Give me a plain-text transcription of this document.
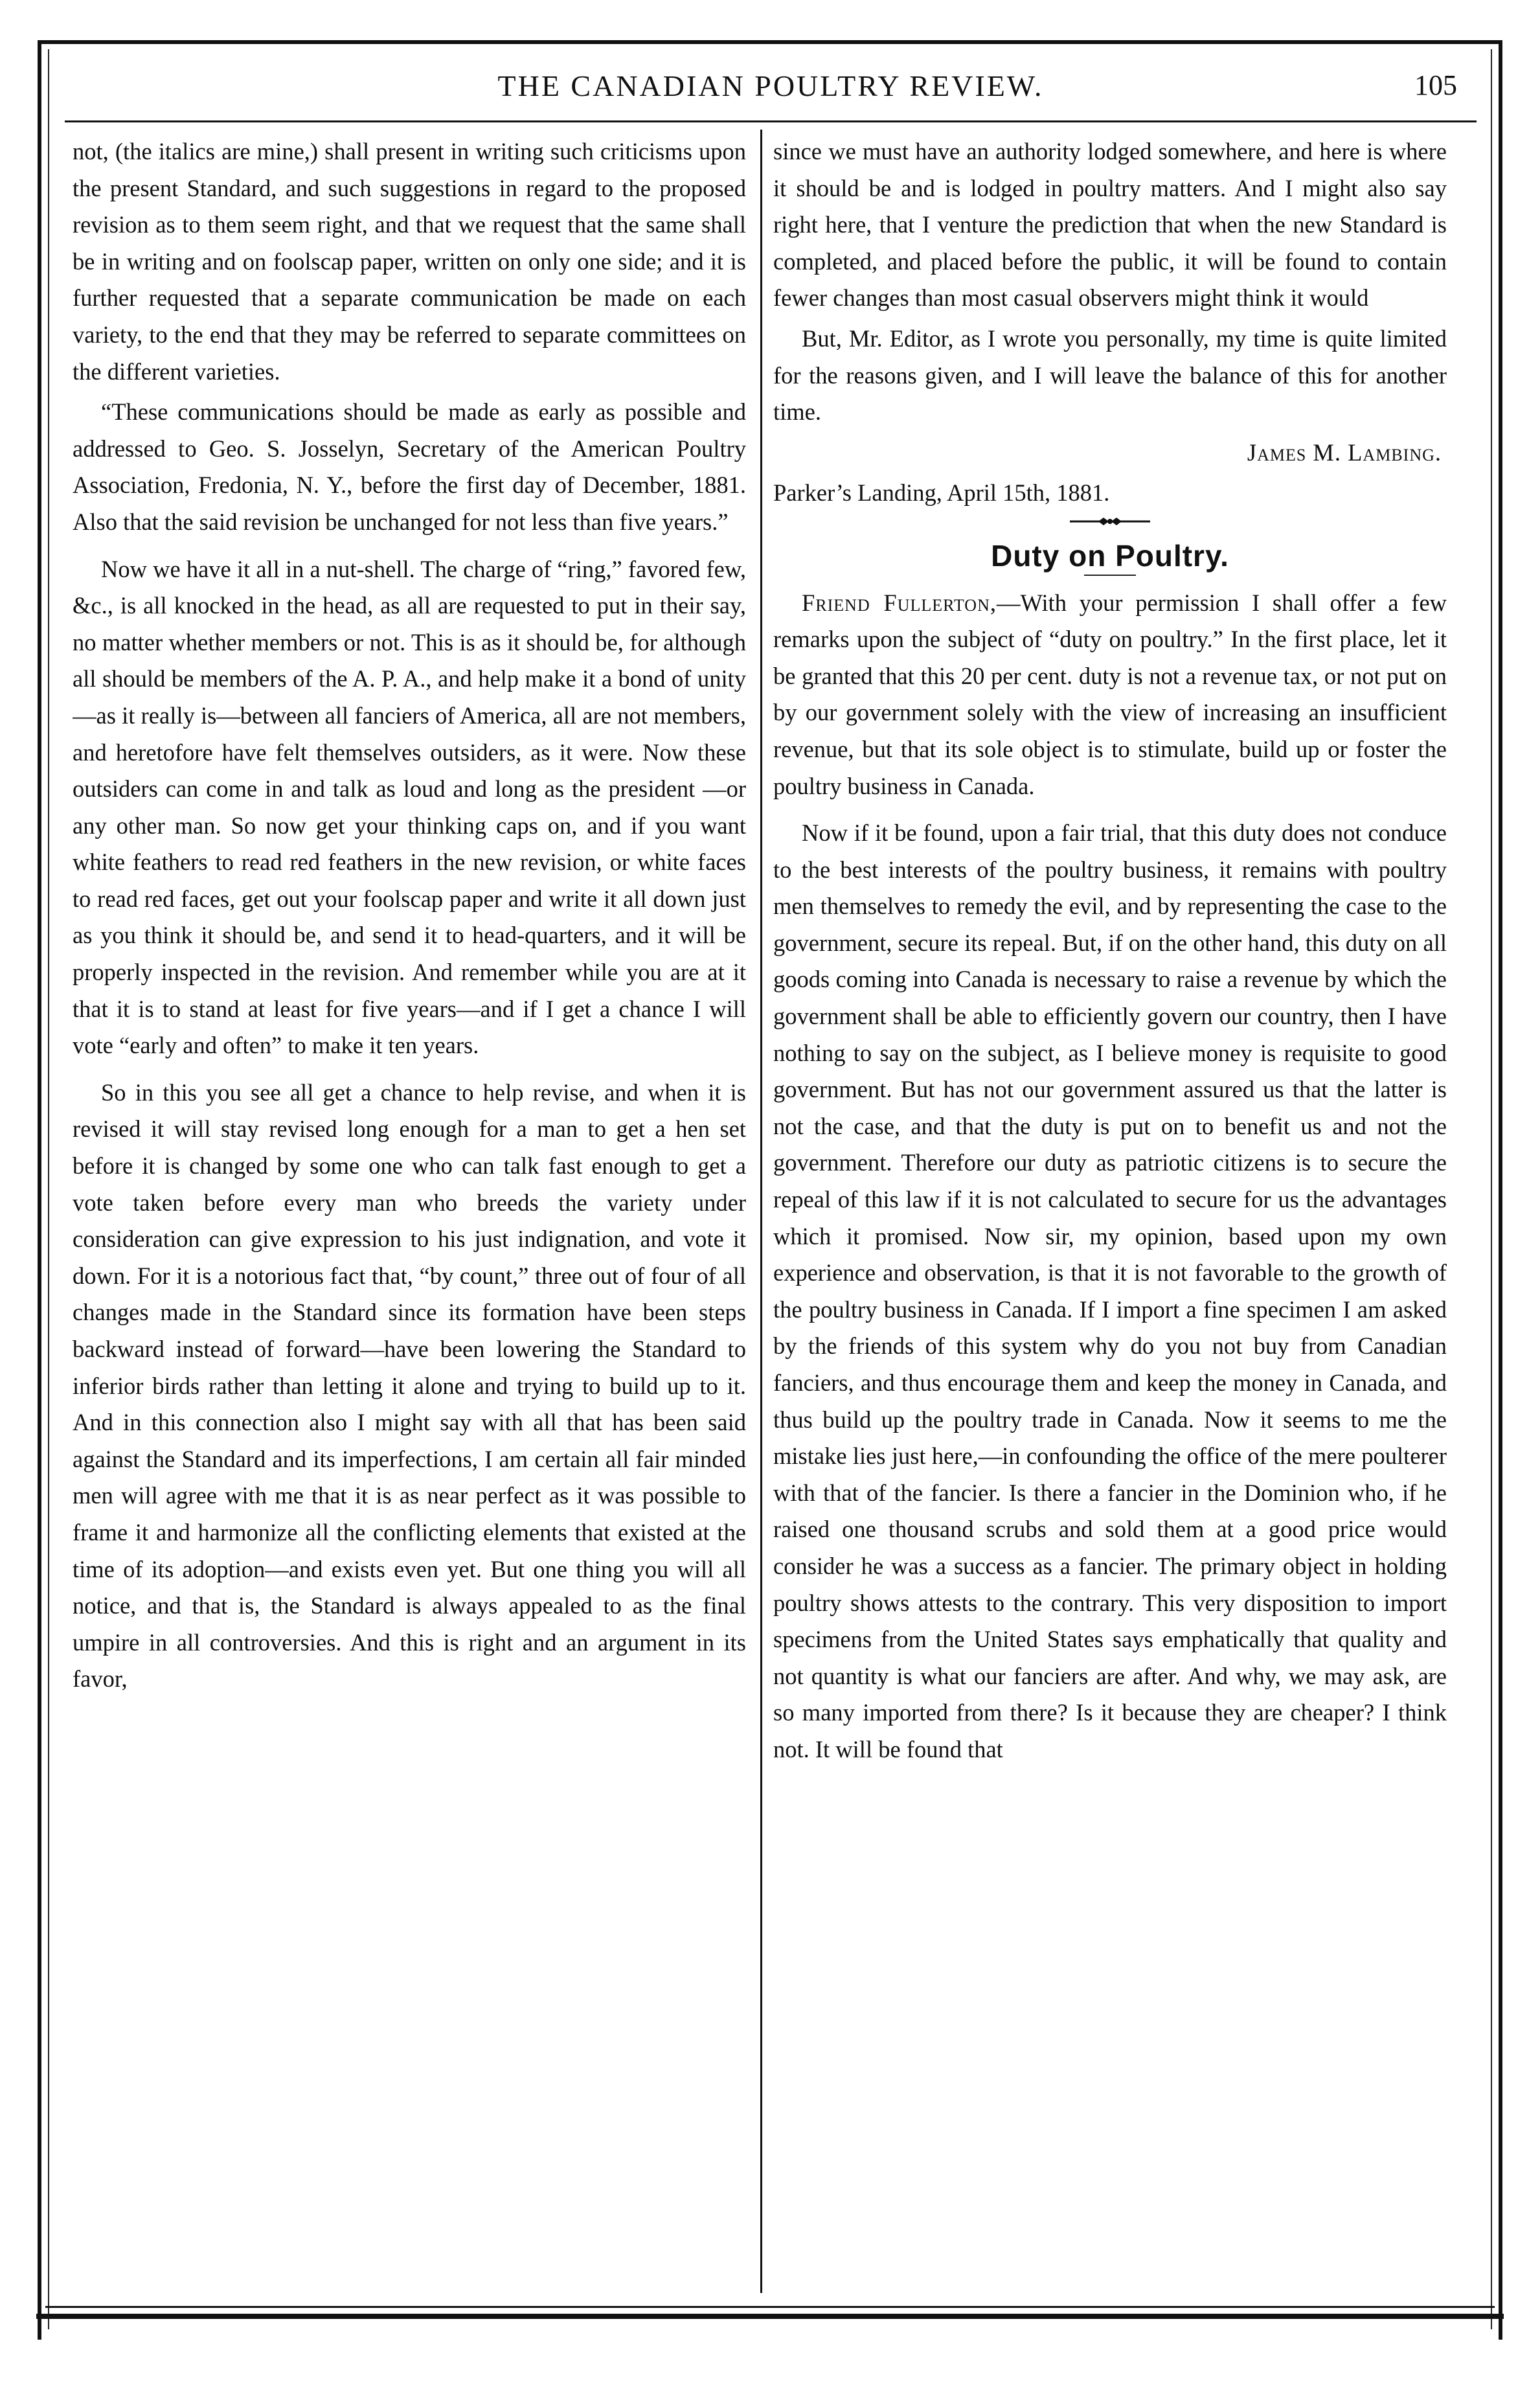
THE CANADIAN POULTRY REVIEW.	105

not, (the italics are mine,) shall present in writing such criticisms upon the present Standard, and such suggestions in regard to the proposed revision as to them seem right, and that we request that the same shall be in writing and on foolscap paper, written on only one side; and it is further requested that a separate communication be made on each variety, to the end that they may be referred to separate committees on the different varieties.

“These communications should be made as early as possible and addressed to Geo. S. Josselyn, Secretary of the American Poultry Association, Fredonia, N. Y., before the first day of December, 1881. Also that the said revision be unchanged for not less than five years.”

Now we have it all in a nut-shell. The charge of “ring,” favored few, &c., is all knocked in the head, as all are requested to put in their say, no matter whether members or not. This is as it should be, for although all should be members of the A. P. A., and help make it a bond of unity—as it really is—between all fanciers of America, all are not members, and heretofore have felt themselves outsiders, as it were. Now these outsiders can come in and talk as loud and long as the president —or any other man. So now get your thinking caps on, and if you want white feathers to read red feathers in the new revision, or white faces to read red faces, get out your foolscap paper and write it all down just as you think it should be, and send it to head-quarters, and it will be properly inspected in the revision. And remember while you are at it that it is to stand at least for five years—and if I get a chance I will vote “early and often” to make it ten years.

So in this you see all get a chance to help revise, and when it is revised it will stay revised long enough for a man to get a hen set before it is changed by some one who can talk fast enough to get a vote taken before every man who breeds the variety under consideration can give expression to his just indignation, and vote it down. For it is a notorious fact that, “by count,” three out of four of all changes made in the Standard since its formation have been steps backward instead of forward—have been lowering the Standard to inferior birds rather than letting it alone and trying to build up to it. And in this connection also I might say with all that has been said against the Standard and its imperfections, I am certain all fair minded men will agree with me that it is as near perfect as it was possible to frame it and harmonize all the conflicting elements that existed at the time of its adoption—and exists even yet. But one thing you will all notice, and that is, the Standard is always appealed to as the final umpire in all controversies. And this is right and an argument in its favor,

since we must have an authority lodged somewhere, and here is where it should be and is lodged in poultry matters. And I might also say right here, that I venture the prediction that when the new Standard is completed, and placed before the public, it will be found to contain fewer changes than most casual observers might think it would

But, Mr. Editor, as I wrote you personally, my time is quite limited for the reasons given, and I will leave the balance of this for another time.

James M. Lambing.

Parker’s Landing, April 15th, 1881.

Duty on Poultry.

Friend Fullerton,—With your permission I shall offer a few remarks upon the subject of “duty on poultry.” In the first place, let it be granted that this 20 per cent. duty is not a revenue tax, or not put on by our government solely with the view of increasing an insufficient revenue, but that its sole object is to stimulate, build up or foster the poultry business in Canada.

Now if it be found, upon a fair trial, that this duty does not conduce to the best interests of the poultry business, it remains with poultry men themselves to remedy the evil, and by representing the case to the government, secure its repeal. But, if on the other hand, this duty on all goods coming into Canada is necessary to raise a revenue by which the government shall be able to efficiently govern our country, then I have nothing to say on the subject, as I believe money is requisite to good government. But has not our government assured us that the latter is not the case, and that the duty is put on to benefit us and not the government. Therefore our duty as patriotic citizens is to secure the repeal of this law if it is not calculated to secure for us the advantages which it promised. Now sir, my opinion, based upon my own experience and observation, is that it is not favorable to the growth of the poultry business in Canada. If I import a fine specimen I am asked by the friends of this system why do you not buy from Canadian fanciers, and thus encourage them and keep the money in Canada, and thus build up the poultry trade in Canada. Now it seems to me the mistake lies just here,—in confounding the office of the mere poulterer with that of the fancier. Is there a fancier in the Dominion who, if he raised one thousand scrubs and sold them at a good price would consider he was a success as a fancier. The primary object in holding poultry shows attests to the contrary. This very disposition to import specimens from the United States says emphatically that quality and not quantity is what our fanciers are after. And why, we may ask, are so many imported from there? Is it because they are cheaper? I think not. It will be found that
